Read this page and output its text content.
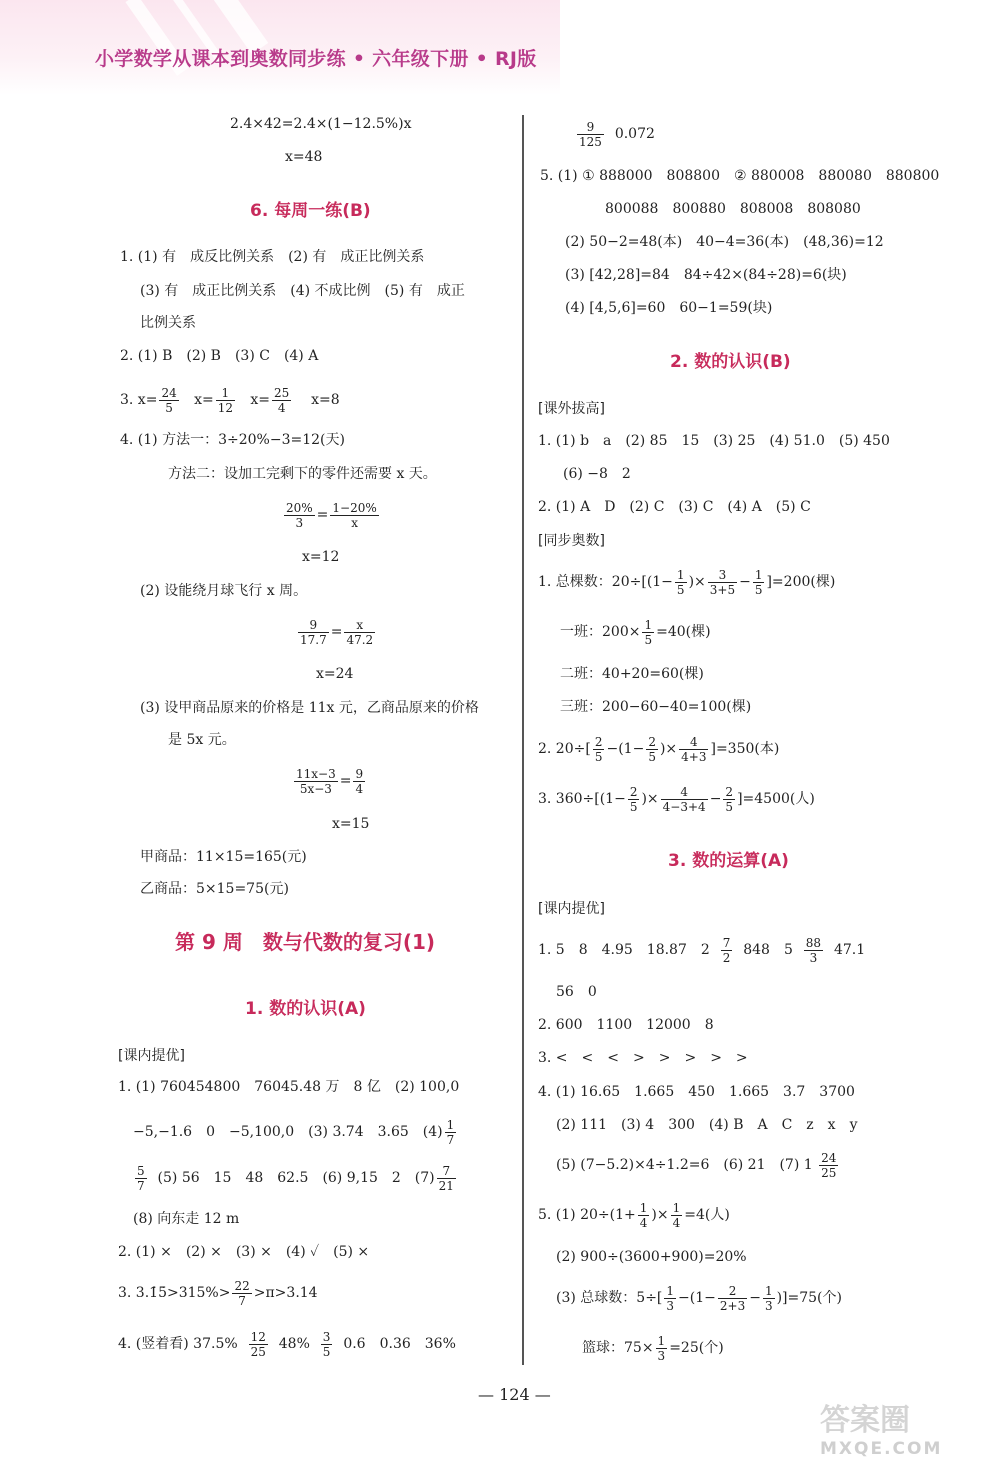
小学数学从课本到奥数同步练 • 六年级下册 • RJ版
2.4×42=2.4×(1−12.5%)x
x=48
6. 每周一练(B)
1. (1) 有　成反比例关系　(2) 有　成正比例关系
(3) 有　成正比例关系　(4) 不成比例　(5) 有　成正
比例关系
2. (1) B　(2) B　(3) C　(4) A
3. $x= \frac{24}{5} x= \frac{1}{12} x= \frac{25}{4} x=8$
4. (1) 方法一：3÷20%−3=12(天)
方法二：设加工完剩下的零件还需要 x 天。
$\frac{20\%}{3} = \frac{1-20\%}{x}$
x=12
(2) 设能绕月球飞行 x 周。
$\frac{9}{17.7} = \frac{x}{47.2}$
x=24
(3) 设甲商品原来的价格是 11x 元，乙商品原来的价格
是 5x 元。
$\frac{11x-3}{5x-3} = \frac{9}{4}$
x=15
甲商品：11×15=165(元)
乙商品：5×15=75(元)
第 9 周　数与代数的复习(1)
1. 数的认识(A)
[课内提优]
1. (1) 760454800　76045.48 万　8 亿　(2) 100,0
−5,−1.6　0　−5,100,0　(3) 3.74　3.65　$(4) \frac{1}{7}$
$\frac{5}{7} (5)$ 56　15　48　62.5　(6) 9,15　2　$(7) \frac{7}{21}$
(8) 向东走 12 m
2. (1) ×　(2) ×　(3) ×　(4) ✓　(5) ×
3. 3.1̇5̇>315%> $\frac{22}{7} >\pi>3.14$
4. (竖着看) $37.5\% \frac{12}{25} 48\% \frac{3}{5} 0.6$　0.36　36%
$\frac{9}{125} 0.072$
5. (1) ① 888000　808800　② 880008　880080　880800
800088　800880　808008　808080
(2) 50−2=48(本)　40−4=36(本)　(48,36)=12
(3) [42,28]=84　84÷42×(84÷28)=6(块)
(4) [4,5,6]=60　60−1=59(块)
2. 数的认识(B)
[课外拔高]
1. (1) b　a　(2) 85　15　(3) 25　(4) 51.0　(5) 450
(6) −8　2
2. (1) A　D　(2) C　(3) C　(4) A　(5) C
[同步奥数]
1. 总棵数：$20\div[(1- \frac{1}{5}$ )× $\frac{3}{3+5} - \frac{1}{5} ]=200$(棵)
一班：$200\times \frac{1}{5} =40$(棵)
二班：40+20=60(棵)
三班：200−60−40=100(棵)
2. $20\div[ \frac{2}{5} -(1- \frac{2}{5}$ )× $\frac{4}{4+3} ]=350$(本)
3. $360\div[(1- \frac{2}{5}$ )× $\frac{4}{4-3+4} - \frac{2}{5} ]=4500$(人)
3. 数的运算(A)
[课内提优]
1. 5　8　4.95　18.87　$2 \frac{7}{2} 848$　$5 \frac{88}{3} 47.1$
56　0
2. 600　1100　12000　8
3. <　<　<　>　>　>　>　>
4. (1) 16.65　1.665　450　1.665　3.7　3700
(2) 111　(3) 4　300　(4) B　A　C　z　x　y
(5) (7−5.2)×4÷1.2=6　(6) 21　(7) $1 \frac{24}{25}$
5. (1) $20\div(1+ \frac{1}{4}$ )× $\frac{1}{4} =4$(人)
(2) 900÷(3600+900)=20%
(3) 总球数：$5\div[ \frac{1}{3} -(1- \frac{2}{2+3} - \frac{1}{3} )]=75$(个)
篮球：$75\times \frac{1}{3} =25$(个)
— 124 —
答案圈
MXQE.COM
